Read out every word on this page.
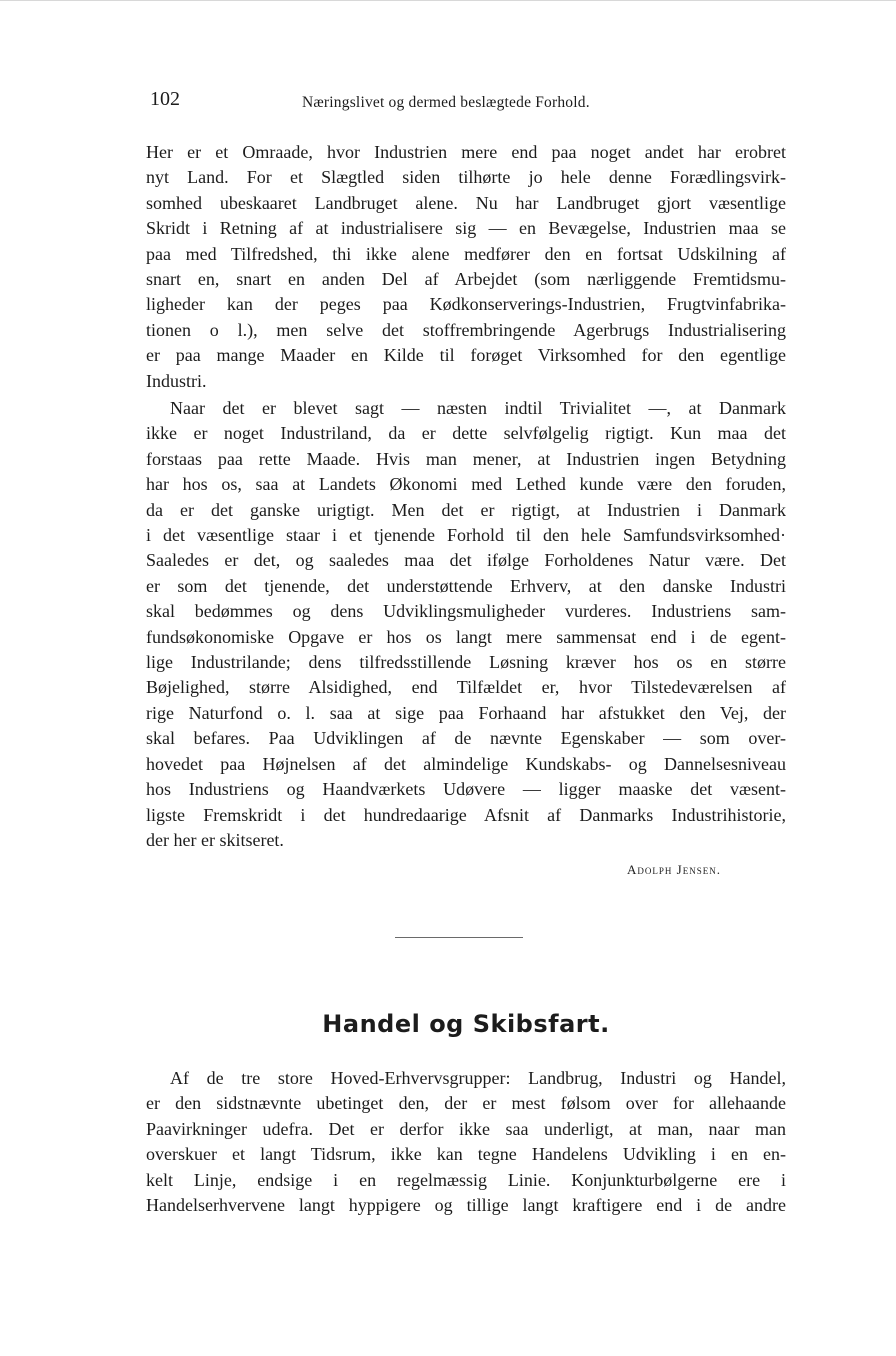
102	Næringslivet og dermed beslægtede Forhold.

Her er et Omraade, hvor Industrien mere end paa noget andet har erobret
nyt Land. For et Slægtled siden tilhørte jo hele denne Forædlingsvirk-
somhed ubeskaaret Landbruget alene. Nu har Landbruget gjort væsentlige
Skridt i Retning af at industrialisere sig — en Bevægelse, Industrien maa se
paa med Tilfredshed, thi ikke alene medfører den en fortsat Udskilning af
snart en, snart en anden Del af Arbejdet (som nærliggende Fremtidsmu-
ligheder kan der peges paa Kødkonserverings-Industrien, Frugtvinfabrika-
tionen o l.), men selve det stoffrembringende Agerbrugs Industrialisering
er paa mange Maader en Kilde til forøget Virksomhed for den egentlige
Industri.

Naar det er blevet sagt — næsten indtil Trivialitet —, at Danmark
ikke er noget Industriland, da er dette selvfølgelig rigtigt. Kun maa det
forstaas paa rette Maade. Hvis man mener, at Industrien ingen Betydning
har hos os, saa at Landets Økonomi med Lethed kunde være den foruden,
da er det ganske urigtigt. Men det er rigtigt, at Industrien i Danmark
i det væsentlige staar i et tjenende Forhold til den hele Samfundsvirksomhed·
Saaledes er det, og saaledes maa det ifølge Forholdenes Natur være. Det
er som det tjenende, det understøttende Erhverv, at den danske Industri
skal bedømmes og dens Udviklingsmuligheder vurderes. Industriens sam-
fundsøkonomiske Opgave er hos os langt mere sammensat end i de egent-
lige Industrilande; dens tilfredsstillende Løsning kræver hos os en større
Bøjelighed, større Alsidighed, end Tilfældet er, hvor Tilstedeværelsen af
rige Naturfond o. l. saa at sige paa Forhaand har afstukket den Vej, der
skal befares. Paa Udviklingen af de nævnte Egenskaber — som over-
hovedet paa Højnelsen af det almindelige Kundskabs- og Dannelsesniveau
hos Industriens og Haandværkets Udøvere — ligger maaske det væsent-
ligste Fremskridt i det hundredaarige Afsnit af Danmarks Industrihistorie,
der her er skitseret.

Adolph Jensen.
Handel og Skibsfart.

Af de tre store Hoved-Erhvervsgrupper: Landbrug, Industri og Handel,
er den sidstnævnte ubetinget den, der er mest følsom over for allehaande
Paavirkninger udefra. Det er derfor ikke saa underligt, at man, naar man
overskuer et langt Tidsrum, ikke kan tegne Handelens Udvikling i en en-
kelt Linje, endsige i en regelmæssig Linie. Konjunkturbølgerne ere i
Handelserhvervene langt hyppigere og tillige langt kraftigere end i de andre
